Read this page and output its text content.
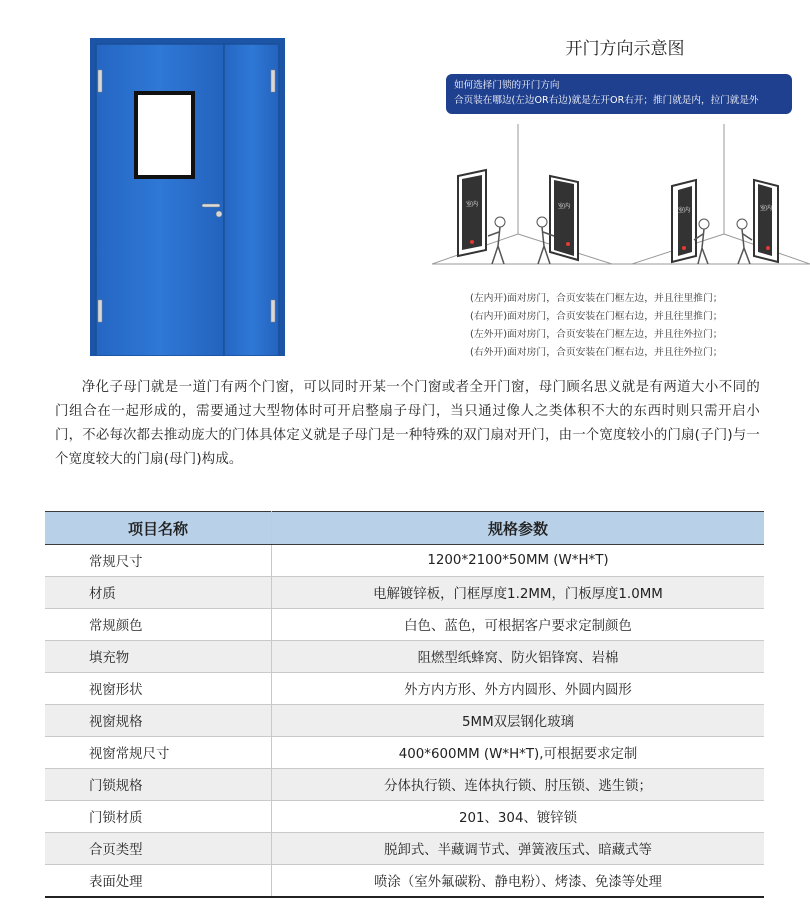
开门方向示意图
如何选择门锁的开门方向
合页装在哪边(左边OR右边)就是左开OR右开；推门就是内，拉门就是外
室内	室内
室内	室内
(左内开)面对房门，合页安装在门框左边，并且往里推门；
(右内开)面对房门，合页安装在门框右边，并且往里推门；
(左外开)面对房门，合页安装在门框左边，并且往外拉门；
(右外开)面对房门，合页安装在门框右边，并且往外拉门；

净化子母门就是一道门有两个门窗，可以同时开某一个门窗或者全开门窗，母门顾名思义就是有两道大小不同的门组合在一起形成的，需要通过大型物体时可开启整扇子母门，当只通过像人之类体积不大的东西时则只需开启小门，不必每次都去推动庞大的门体具体定义就是子母门是一种特殊的双门扇对开门，由一个宽度较小的门扇(子门)与一个宽度较大的门扇(母门)构成。

项目名称	规格参数
常规尺寸	1200*2100*50MM (W*H*T)
材质	电解镀锌板，门框厚度1.2MM，门板厚度1.0MM
常规颜色	白色、蓝色，可根据客户要求定制颜色
填充物	阻燃型纸蜂窝、防火铝锋窝、岩棉
视窗形状	外方内方形、外方内圆形、外圆内圆形
视窗规格	5MM双层钢化玻璃
视窗常规尺寸	400*600MM (W*H*T),可根据要求定制
门锁规格	分体执行锁、连体执行锁、肘压锁、逃生锁；
门锁材质	201、304、镀锌锁
合页类型	脱卸式、半藏调节式、弹簧液压式、暗藏式等
表面处理	喷涂（室外氟碳粉、静电粉）、烤漆、免漆等处理
